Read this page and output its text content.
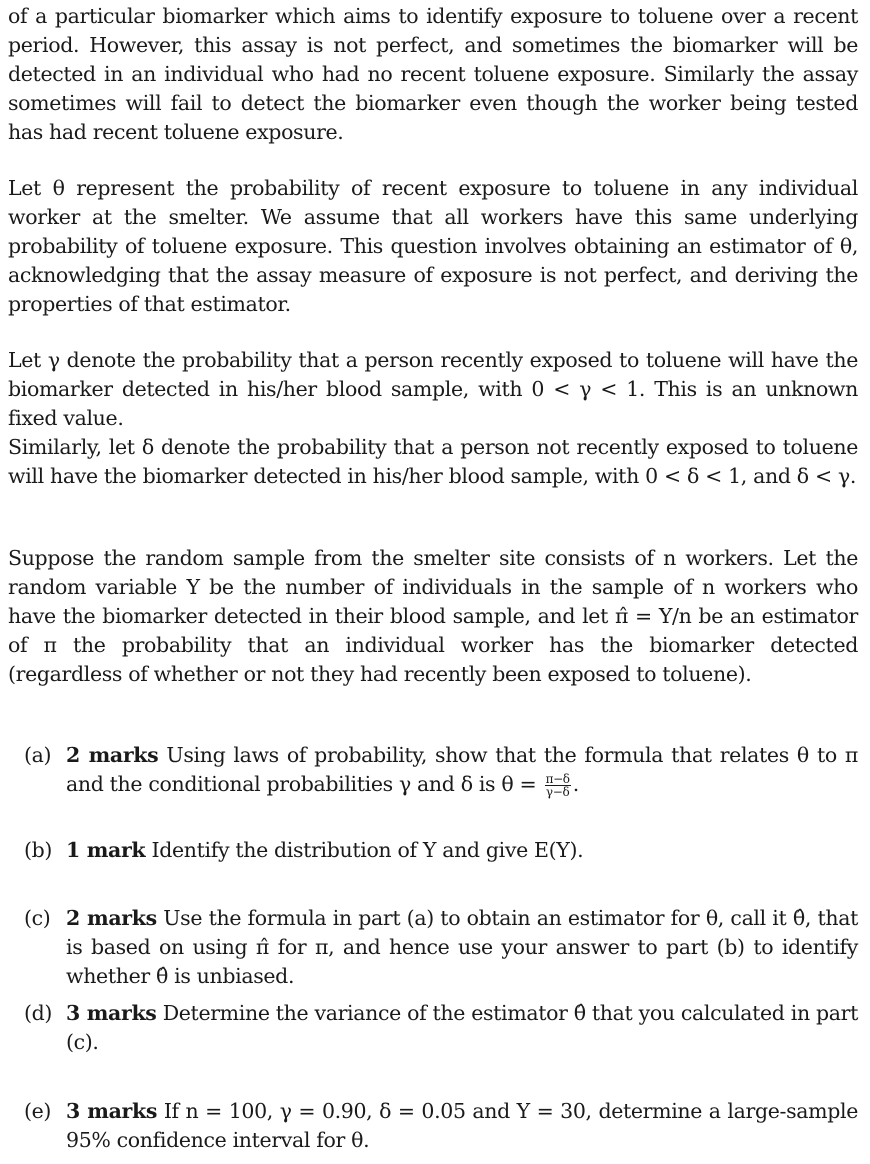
of a particular biomarker which aims to identify exposure to toluene over a recent period. However, this assay is not perfect, and sometimes the biomarker will be detected in an individual who had no recent toluene exposure. Similarly the assay sometimes will fail to detect the biomarker even though the worker being tested has had recent toluene exposure.

Let θ represent the probability of recent exposure to toluene in any individual worker at the smelter. We assume that all workers have this same underlying probability of toluene exposure. This question involves obtaining an estimator of θ, acknowledging that the assay measure of exposure is not perfect, and deriving the properties of that estimator.

Let γ denote the probability that a person recently exposed to toluene will have the biomarker detected in his/her blood sample, with 0 < γ < 1. This is an unknown fixed value.

Similarly, let δ denote the probability that a person not recently exposed to toluene will have the biomarker detected in his/her blood sample, with 0 < δ < 1, and δ < γ.

Suppose the random sample from the smelter site consists of n workers. Let the random variable Y be the number of individuals in the sample of n workers who have the biomarker detected in their blood sample, and let π̂ = Y/n be an estimator of π the probability that an individual worker has the biomarker detected (regardless of whether or not they had recently been exposed to toluene).

(a) 2 marks Using laws of probability, show that the formula that relates θ to π and the conditional probabilities γ and δ is $\theta = \frac{\pi-\delta}{\gamma-\delta}$ .
(b) 1 mark Identify the distribution of Y and give E(Y).
(c) 2 marks Use the formula in part (a) to obtain an estimator for θ, call it θ̂, that is based on using π̂ for π, and hence use your answer to part (b) to identify whether θ̂ is unbiased.
(d) 3 marks Determine the variance of the estimator θ̂ that you calculated in part (c).
(e) 3 marks If n = 100, γ = 0.90, δ = 0.05 and Y = 30, determine a large-sample 95% confidence interval for θ.
